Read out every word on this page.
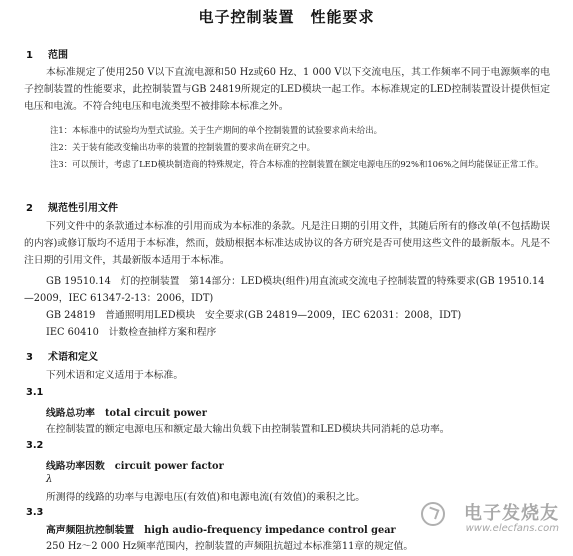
电子控制装置　性能要求
1 范围
本标准规定了使用250 V以下直流电源和50 Hz或60 Hz、1 000 V以下交流电压，其工作频率不同于电源频率的电子控制装置的性能要求，此控制装置与GB 24819所规定的LED模块一起工作。本标准规定的LED控制装置设计提供恒定电压和电流。不符合纯电压和电流类型不被排除本标准之外。
注1：本标准中的试验均为型式试验。关于生产期间的单个控制装置的试验要求尚未给出。
注2：关于装有能改变输出功率的装置的控制装置的要求尚在研究之中。
注3：可以预计，考虑了LED模块制造商的特殊规定，符合本标准的控制装置在额定电源电压的92%和106%之间均能保证正常工作。
2 规范性引用文件
下列文件中的条款通过本标准的引用而成为本标准的条款。凡是注日期的引用文件，其随后所有的修改单(不包括勘误的内容)或修订版均不适用于本标准，然而，鼓励根据本标准达成协议的各方研究是否可使用这些文件的最新版本。凡是不注日期的引用文件，其最新版本适用于本标准。
GB 19510.14　灯的控制装置　第14部分：LED模块(组件)用直流或交流电子控制装置的特殊要求(GB 19510.14—2009，IEC 61347-2-13：2006，IDT)
GB 24819　普通照明用LED模块　安全要求(GB 24819—2009，IEC 62031：2008，IDT)
IEC 60410　计数检查抽样方案和程序
3 术语和定义
下列术语和定义适用于本标准。
3.1
线路总功率 total circuit power
在控制装置的额定电源电压和额定最大输出负载下由控制装置和LED模块共同消耗的总功率。
3.2
线路功率因数 circuit power factor
λ
所测得的线路的功率与电源电压(有效值)和电源电流(有效值)的乘积之比。
3.3
高声频阻抗控制装置 high audio-frequency impedance control gear
250 Hz～2 000 Hz频率范围内，控制装置的声频阻抗超过本标准第11章的规定值。
电子发烧友
www.elecfans.com
